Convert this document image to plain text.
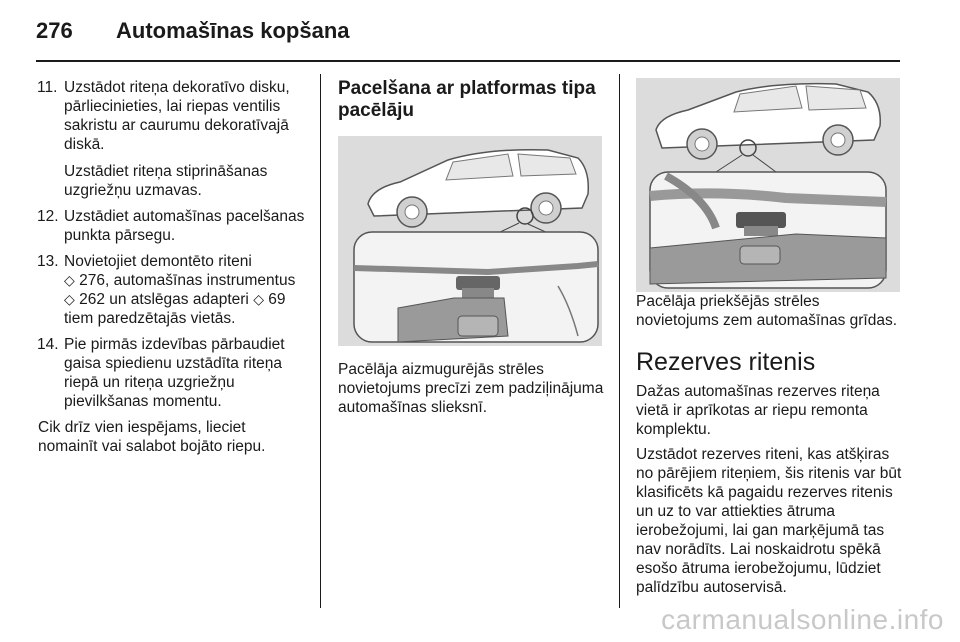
276 Automašīnas kopšana
11. Uzstādot riteņa dekoratīvo disku, pārliecinieties, lai riepas ventilis sakristu ar caurumu dekoratīvajā diskā.

Uzstādiet riteņa stiprināšanas uzgriežņu uzmavas.

12. Uzstādiet automašīnas pacelšanas punkta pārsegu.

13. Novietojiet demontēto riteni
◇ 276, automašīnas instrumentus ◇ 262 un atslēgas adapteri ◇ 69 tiem paredzētajās vietās.

14. Pie pirmās izdevības pārbaudiet gaisa spiedienu uzstādīta riteņa riepā un riteņa uzgriežņu pievilkšanas momentu.

Cik drīz vien iespējams, lieciet nomainīt vai salabot bojāto riepu.

Pacelšana ar platformas tipa pacēlāju

Pacēlāja aizmugurējās strēles novietojums precīzi zem padziļinājuma automašīnas slieksnī.

Pacēlāja priekšējās strēles novietojums zem automašīnas grīdas.

Rezerves ritenis

Dažas automašīnas rezerves riteņa vietā ir aprīkotas ar riepu remonta komplektu.

Uzstādot rezerves riteni, kas atšķiras no pārējiem riteņiem, šis ritenis var būt klasificēts kā pagaidu rezerves ritenis un uz to var attiekties ātruma ierobežojumi, lai gan marķējumā tas nav norādīts. Lai noskaidrotu spēkā esošo ātruma ierobežojumu, lūdziet palīdzību autoservisā.

carmanualsonline.info
